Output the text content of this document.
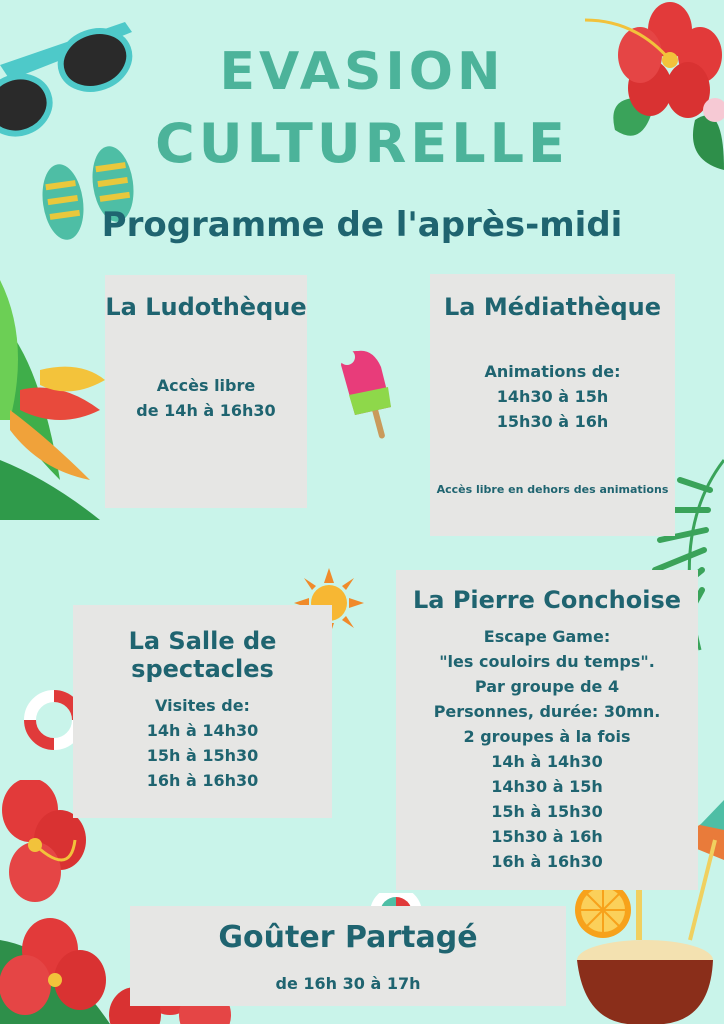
EVASION
CULTURELLE
Programme de l'après-midi
La Ludothèque

Accès libre

de 14h à 16h30

La Médiathèque

Animations de:

14h30 à 15h

15h30 à 16h

Accès libre en dehors des animations

La Salle de spectacles

Visites de:

14h à 14h30

15h à 15h30

16h à 16h30

La Pierre Conchoise

Escape Game:

"les couloirs du temps".

Par groupe de 4

Personnes, durée: 30mn.

2 groupes à la fois

14h à 14h30

14h30 à 15h

15h à 15h30

15h30 à 16h

16h à 16h30

Goûter Partagé

de 16h 30 à 17h
